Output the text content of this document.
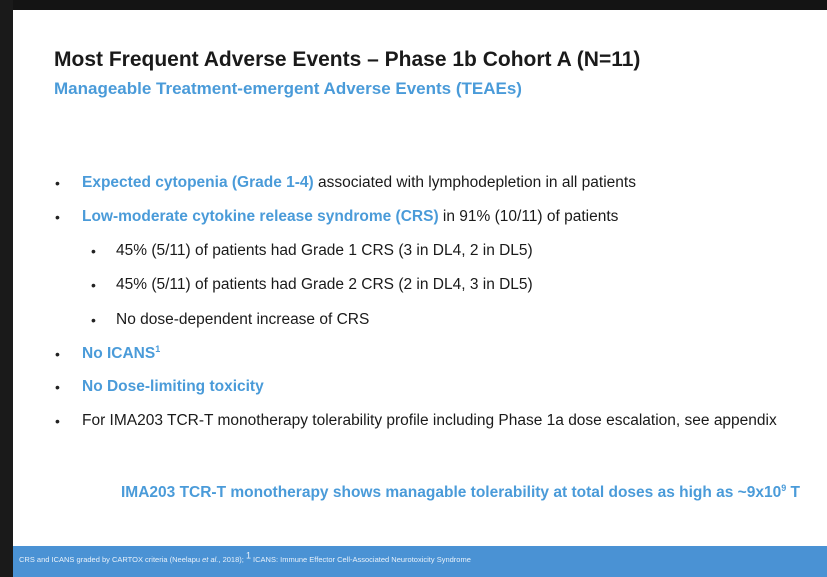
Most Frequent Adverse Events – Phase 1b Cohort A (N=11)
Manageable Treatment-emergent Adverse Events (TEAEs)
• Expected cytopenia (Grade 1-4) associated with lymphodepletion in all patients
• Low-moderate cytokine release syndrome (CRS) in 91% (10/11) of patients
• 45% (5/11) of patients had Grade 1 CRS (3 in DL4, 2 in DL5)
• 45% (5/11) of patients had Grade 2 CRS (2 in DL4, 3 in DL5)
• No dose-dependent increase of CRS
• No ICANS$^1$
• No Dose-limiting toxicity
• For IMA203 TCR-T monotherapy tolerability profile including Phase 1a dose escalation, see appendix

IMA203 TCR-T monotherapy shows managable tolerability at total doses as high as $\sim 9x10^9$ T

CRS and ICANS graded by CARTOX criteria (Neelapu et al., 2018); $^1$ ICANS: Immune Effector Cell-Associated Neurotoxicity Syndrome
